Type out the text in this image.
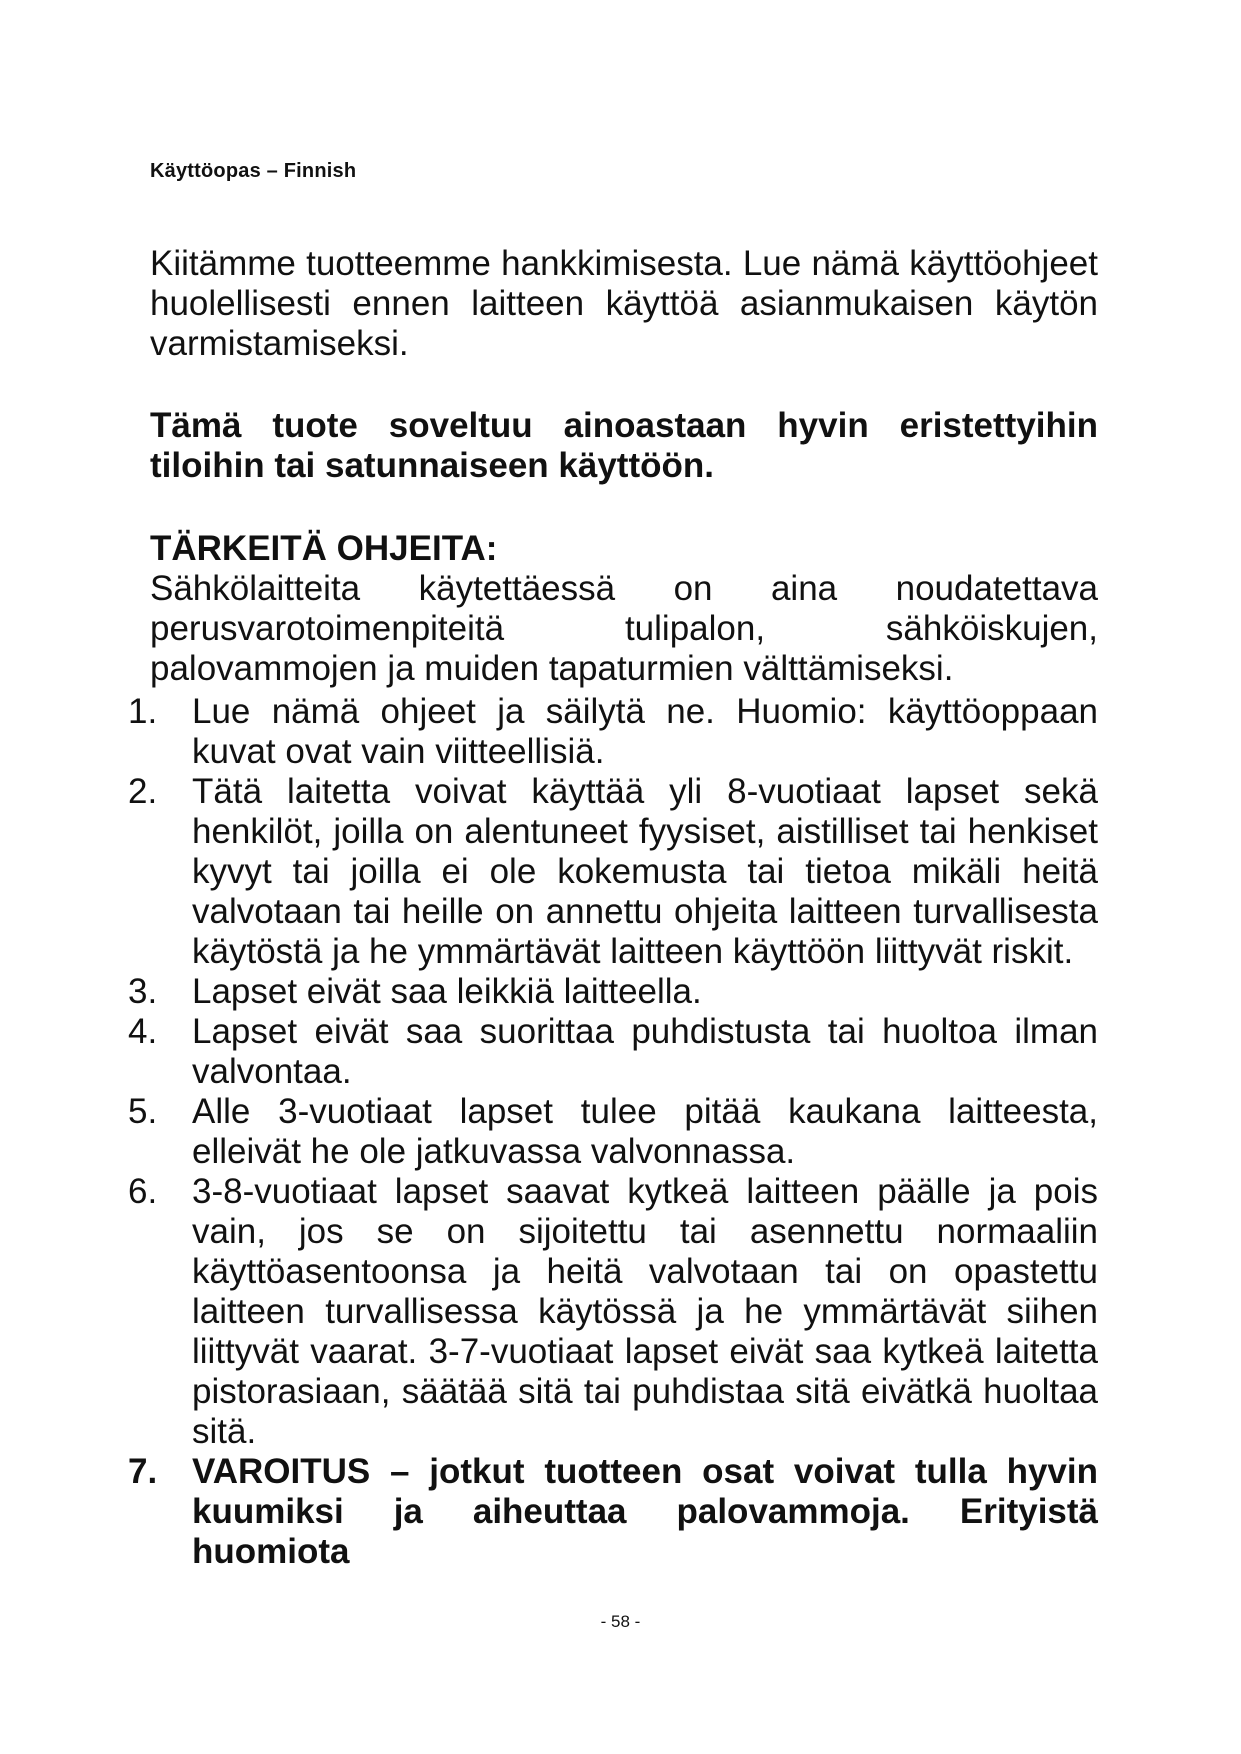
Käyttöopas – Finnish

Kiitämme tuotteemme hankkimisesta. Lue nämä käyttöohjeet huolellisesti ennen laitteen käyttöä asianmukaisen käytön varmistamiseksi.

Tämä tuote soveltuu ainoastaan hyvin eristettyihin tiloihin tai satunnaiseen käyttöön.

TÄRKEITÄ OHJEITA:
Sähkölaitteita käytettäessä on aina noudatettava perusvarotoimenpiteitä tulipalon, sähköiskujen, palovammojen ja muiden tapaturmien välttämiseksi.
1. Lue nämä ohjeet ja säilytä ne. Huomio: käyttöoppaan kuvat ovat vain viitteellisiä.
2. Tätä laitetta voivat käyttää yli 8-vuotiaat lapset sekä henkilöt, joilla on alentuneet fyysiset, aistilliset tai henkiset kyvyt tai joilla ei ole kokemusta tai tietoa mikäli heitä valvotaan tai heille on annettu ohjeita laitteen turvallisesta käytöstä ja he ymmärtävät laitteen käyttöön liittyvät riskit.
3. Lapset eivät saa leikkiä laitteella.
4. Lapset eivät saa suorittaa puhdistusta tai huoltoa ilman valvontaa.
5. Alle 3-vuotiaat lapset tulee pitää kaukana laitteesta, elleivät he ole jatkuvassa valvonnassa.
6. 3-8-vuotiaat lapset saavat kytkeä laitteen päälle ja pois vain, jos se on sijoitettu tai asennettu normaaliin käyttöasentoonsa ja heitä valvotaan tai on opastettu laitteen turvallisessa käytössä ja he ymmärtävät siihen liittyvät vaarat. 3-7-vuotiaat lapset eivät saa kytkeä laitetta pistorasiaan, säätää sitä tai puhdistaa sitä eivätkä huoltaa sitä.
7. VAROITUS – jotkut tuotteen osat voivat tulla hyvin kuumiksi ja aiheuttaa palovammoja. Erityistä huomiota
- 58 -
